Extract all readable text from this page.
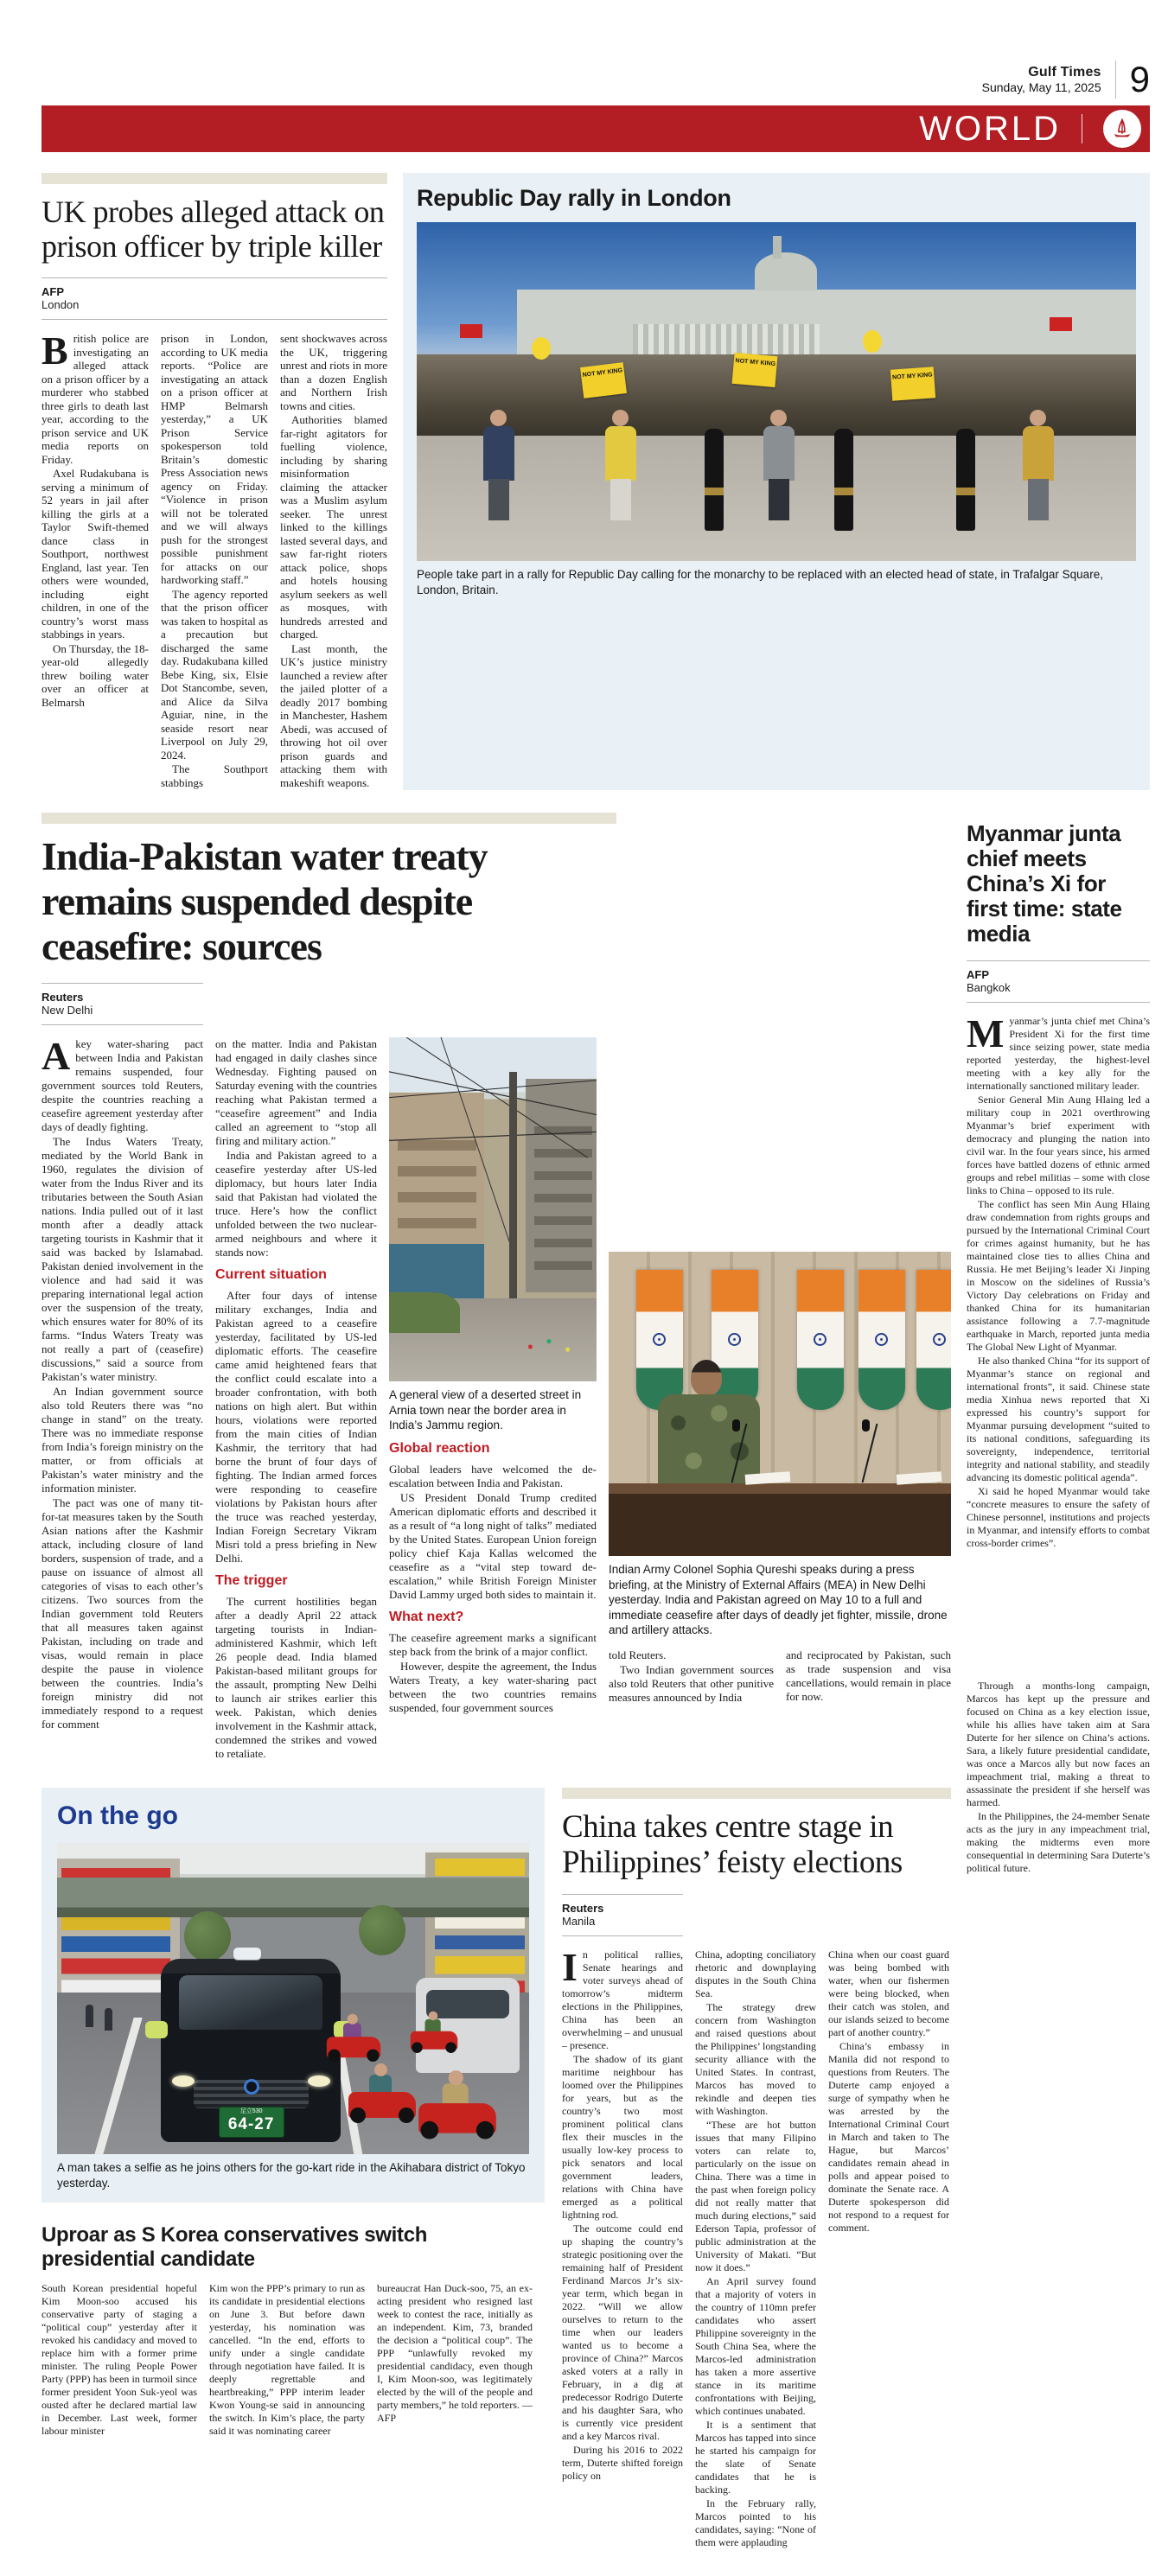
Gulf Times
Sunday, May 11, 2025 9
WORLD
UK probes alleged attack on prison officer by triple killer
AFP
London

British police are investigating an alleged attack on a prison officer by a murderer who stabbed three girls to death last year, according to the prison service and UK media reports on Friday.

Axel Rudakubana is serving a minimum of 52 years in jail after killing the girls at a Taylor Swift-themed dance class in Southport, northwest England, last year. Ten others were wounded, including eight children, in one of the country’s worst mass stabbings in years.

On Thursday, the 18-year-old allegedly threw boiling water over an officer at Belmarsh

prison in London, according to UK media reports. “Police are investigating an attack on a prison officer at HMP Belmarsh yesterday,” a UK Prison Service spokesperson told Britain’s domestic Press Association news agency on Friday. “Violence in prison will not be tolerated and we will always push for the strongest possible punishment for attacks on our hardworking staff.”

The agency reported that the prison officer was taken to hospital as a precaution but discharged the same day. Rudakubana killed Bebe King, six, Elsie Dot Stancombe, seven, and Alice da Silva Aguiar, nine, in the seaside resort near Liverpool on July 29, 2024.

The Southport stabbings

sent shockwaves across the UK, triggering unrest and riots in more than a dozen English and Northern Irish towns and cities.

Authorities blamed far-right agitators for fuelling violence, including by sharing misinformation claiming the attacker was a Muslim asylum seeker. The unrest linked to the killings lasted several days, and saw far-right rioters attack police, shops and hotels housing asylum seekers as well as mosques, with hundreds arrested and charged.

Last month, the UK’s justice ministry launched a review after the jailed plotter of a deadly 2017 bombing in Manchester, Hashem Abedi, was accused of throwing hot oil over prison guards and attacking them with makeshift weapons.

Republic Day rally in London
NOT MY KING
NOT MY KING
NOT MY KING

People take part in a rally for Republic Day calling for the monarchy to be replaced with an elected head of state, in Trafalgar Square, London, Britain.

India-Pakistan water treaty remains suspended despite ceasefire: sources
Reuters
New Delhi

Akey water-sharing pact between India and Pakistan remains suspended, four government sources told Reuters, despite the countries reaching a ceasefire agreement yesterday after days of deadly fighting.

The Indus Waters Treaty, mediated by the World Bank in 1960, regulates the division of water from the Indus River and its tributaries between the South Asian nations. India pulled out of it last month after a deadly attack targeting tourists in Kashmir that it said was backed by Islamabad. Pakistan denied involvement in the violence and had said it was preparing international legal action over the suspension of the treaty, which ensures water for 80% of its farms. “Indus Waters Treaty was not really a part of (ceasefire) discussions,” said a source from Pakistan’s water ministry.

An Indian government source also told Reuters there was “no change in stand” on the treaty. There was no immediate response from India’s foreign ministry on the matter, or from officials at Pakistan’s water ministry and the information minister.

The pact was one of many tit-for-tat measures taken by the South Asian nations after the Kashmir attack, including closure of land borders, suspension of trade, and a pause on issuance of almost all categories of visas to each other’s citizens. Two sources from the Indian government told Reuters that all measures taken against Pakistan, including on trade and visas, would remain in place despite the pause in violence between the countries. India’s foreign ministry did not immediately respond to a request for comment

on the matter. India and Pakistan had engaged in daily clashes since Wednesday. Fighting paused on Saturday evening with the countries reaching what Pakistan termed a “ceasefire agreement” and India called an agreement to “stop all firing and military action.”

India and Pakistan agreed to a ceasefire yesterday after US-led diplomacy, but hours later India said that Pakistan had violated the truce. Here’s how the conflict unfolded between the two nuclear-armed neighbours and where it stands now:

Current situation

After four days of intense military exchanges, India and Pakistan agreed to a ceasefire yesterday, facilitated by US-led diplomatic efforts. The ceasefire came amid heightened fears that the conflict could escalate into a broader confrontation, with both nations on high alert. But within hours, violations were reported from the main cities of Indian Kashmir, the territory that had borne the brunt of four days of fighting. The Indian armed forces were responding to ceasefire violations by Pakistan hours after the truce was reached yesterday, Indian Foreign Secretary Vikram Misri told a press briefing in New Delhi.

The trigger

The current hostilities began after a deadly April 22 attack targeting tourists in Indian-administered Kashmir, which left 26 people dead. India blamed Pakistan-based militant groups for the assault, prompting New Delhi to launch air strikes earlier this week. Pakistan, which denies involvement in the Kashmir attack, condemned the strikes and vowed to retaliate.

A general view of a deserted street in Arnia town near the border area in India’s Jammu region.

Global reaction

Global leaders have welcomed the de-escalation between India and Pakistan.

US President Donald Trump credited American diplomatic efforts and described it as a result of “a long night of talks” mediated by the United States. European Union foreign policy chief Kaja Kallas welcomed the ceasefire as a “vital step toward de-escalation,” while British Foreign Minister David Lammy urged both sides to maintain it.

What next?

The ceasefire agreement marks a significant step back from the brink of a major conflict.

However, despite the agreement, the Indus Waters Treaty, a key water-sharing pact between the two countries remains suspended, four government sources

Indian Army Colonel Sophia Qureshi speaks during a press briefing, at the Ministry of External Affairs (MEA) in New Delhi yesterday. India and Pakistan agreed on May 10 to a full and immediate ceasefire after days of deadly jet fighter, missile, drone and artillery attacks.

told Reuters.

Two Indian government sources also told Reuters that other punitive measures announced by India

and reciprocated by Pakistan, such as trade suspension and visa cancellations, would remain in place for now.

On the go
足立530
64-27

A man takes a selfie as he joins others for the go-kart ride in the Akihabara district of Tokyo yesterday.

Uproar as S Korea conservatives switch presidential candidate

South Korean presidential hopeful Kim Moon-soo accused his conservative party of staging a “political coup” yesterday after it revoked his candidacy and moved to replace him with a former prime minister. The ruling People Power Party (PPP) has been in turmoil since former president Yoon Suk-yeol was ousted after he declared martial law in December. Last week, former labour minister

Kim won the PPP’s primary to run as its candidate in presidential elections on June 3. But before dawn yesterday, his nomination was cancelled. “In the end, efforts to unify under a single candidate through negotiation have failed. It is deeply regrettable and heartbreaking,” PPP interim leader Kwon Young-se said in announcing the switch. In Kim’s place, the party said it was nominating career

bureaucrat Han Duck-soo, 75, an ex-acting president who resigned last week to contest the race, initially as an independent. Kim, 73, branded the decision a “political coup”. The PPP “unlawfully revoked my presidential candidacy, even though I, Kim Moon-soo, was legitimately elected by the will of the people and party members,” he told reporters. — AFP

China takes centre stage in Philippines’ feisty elections
Reuters
Manila

In political rallies, Senate hearings and voter surveys ahead of tomorrow’s midterm elections in the Philippines, China has been an overwhelming – and unusual – presence.

The shadow of its giant maritime neighbour has loomed over the Philippines for years, but as the country’s two most prominent political clans flex their muscles in the usually low-key process to pick senators and local government leaders, relations with China have emerged as a political lightning rod.

The outcome could end up shaping the country’s strategic positioning over the remaining half of President Ferdinand Marcos Jr’s six-year term, which began in 2022. “Will we allow ourselves to return to the time when our leaders wanted us to become a province of China?” Marcos asked voters at a rally in February, in a dig at predecessor Rodrigo Duterte and his daughter Sara, who is currently vice president and a key Marcos rival.

During his 2016 to 2022 term, Duterte shifted foreign policy on

China, adopting conciliatory rhetoric and downplaying disputes in the South China Sea.

The strategy drew concern from Washington and raised questions about the Philippines’ longstanding security alliance with the United States. In contrast, Marcos has moved to rekindle and deepen ties with Washington.

“These are hot button issues that many Filipino voters can relate to, particularly on the issue on China. There was a time in the past when foreign policy did not really matter that much during elections,” said Ederson Tapia, professor of public administration at the University of Makati. “But now it does.”

An April survey found that a majority of voters in the country of 110mn prefer candidates who assert Philippine sovereignty in the South China Sea, where the Marcos-led administration has taken a more assertive stance in its maritime confrontations with Beijing, which continues unabated.

It is a sentiment that Marcos has tapped into since he started his campaign for the slate of Senate candidates that he is backing.

In the February rally, Marcos pointed to his candidates, saying: “None of them were applauding

China when our coast guard was being bombed with water, when our fishermen were being blocked, when their catch was stolen, and our islands seized to become part of another country.”

China’s embassy in Manila did not respond to questions from Reuters. The Duterte camp enjoyed a surge of sympathy when he was arrested by the International Criminal Court in March and taken to The Hague, but Marcos’ candidates remain ahead in polls and appear poised to dominate the Senate race. A Duterte spokesperson did not respond to a request for comment.

Myanmar junta chief meets China’s Xi for first time: state media
AFP
Bangkok

Myanmar’s junta chief met China’s President Xi for the first time since seizing power, state media reported yesterday, the highest-level meeting with a key ally for the internationally sanctioned military leader.

Senior General Min Aung Hlaing led a military coup in 2021 overthrowing Myanmar’s brief experiment with democracy and plunging the nation into civil war. In the four years since, his armed forces have battled dozens of ethnic armed groups and rebel militias – some with close links to China – opposed to its rule.

The conflict has seen Min Aung Hlaing draw condemnation from rights groups and pursued by the International Criminal Court for crimes against humanity, but he has maintained close ties to allies China and Russia. He met Beijing’s leader Xi Jinping in Moscow on the sidelines of Russia’s Victory Day celebrations on Friday and thanked China for its humanitarian assistance following a 7.7-magnitude earthquake in March, reported junta media The Global New Light of Myanmar.

He also thanked China “for its support of Myanmar’s stance on regional and international fronts”, it said. Chinese state media Xinhua news reported that Xi expressed his country’s support for Myanmar pursuing development “suited to its national conditions, safeguarding its sovereignty, independence, territorial integrity and national stability, and steadily advancing its domestic political agenda”.

Xi said he hoped Myanmar would take “concrete measures to ensure the safety of Chinese personnel, institutions and projects in Myanmar, and intensify efforts to combat cross-border crimes”.

Through a months-long campaign, Marcos has kept up the pressure and focused on China as a key election issue, while his allies have taken aim at Sara Duterte for her silence on China’s actions. Sara, a likely future presidential candidate, was once a Marcos ally but now faces an impeachment trial, making a threat to assassinate the president if she herself was harmed.

In the Philippines, the 24-member Senate acts as the jury in any impeachment trial, making the midterms even more consequential in determining Sara Duterte’s political future.
